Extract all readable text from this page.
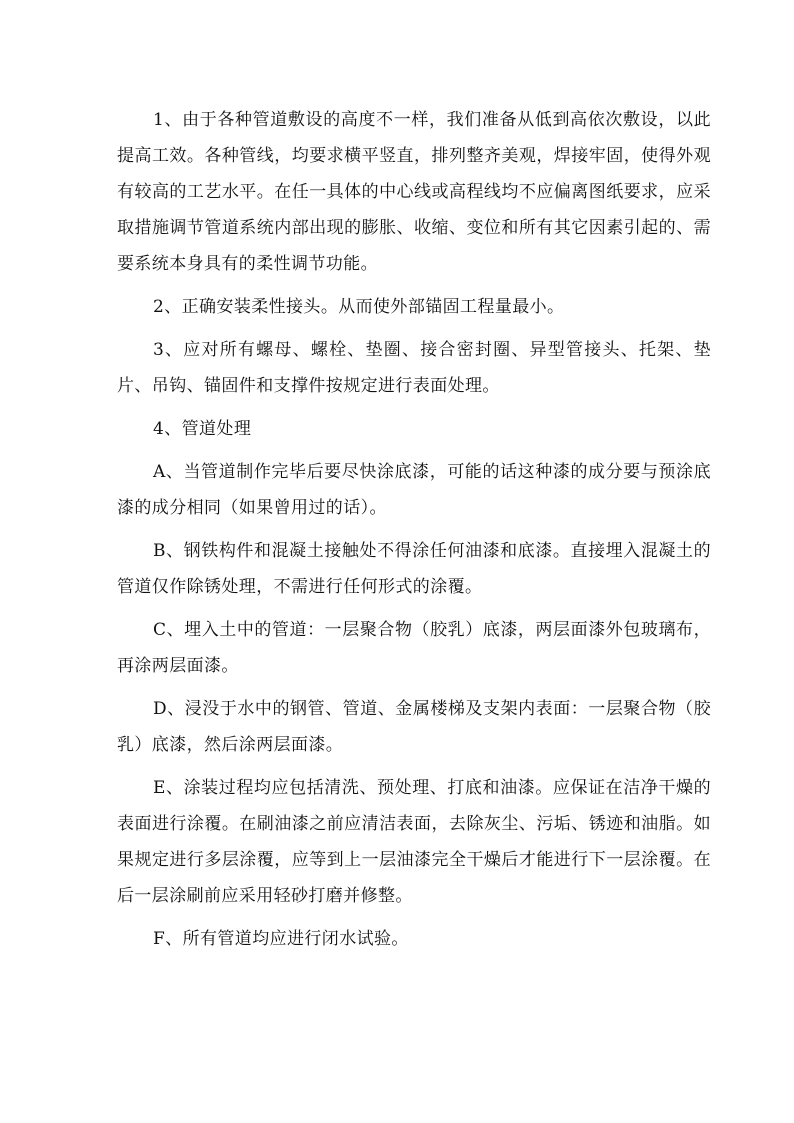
1、由于各种管道敷设的高度不一样，我们准备从低到高依次敷设，以此提高工效。各种管线，均要求横平竖直，排列整齐美观，焊接牢固，使得外观有较高的工艺水平。在任一具体的中心线或高程线均不应偏离图纸要求，应采取措施调节管道系统内部出现的膨胀、收缩、变位和所有其它因素引起的、需要系统本身具有的柔性调节功能。

2、正确安装柔性接头。从而使外部锚固工程量最小。

3、应对所有螺母、螺栓、垫圈、接合密封圈、异型管接头、托架、垫片、吊钩、锚固件和支撑件按规定进行表面处理。

4、管道处理

A、当管道制作完毕后要尽快涂底漆，可能的话这种漆的成分要与预涂底漆的成分相同（如果曾用过的话）。

B、钢铁构件和混凝土接触处不得涂任何油漆和底漆。直接埋入混凝土的管道仅作除锈处理，不需进行任何形式的涂覆。

C、埋入土中的管道：一层聚合物（胶乳）底漆，两层面漆外包玻璃布，再涂两层面漆。

D、浸没于水中的钢管、管道、金属楼梯及支架内表面：一层聚合物（胶乳）底漆，然后涂两层面漆。

E、涂装过程均应包括清洗、预处理、打底和油漆。应保证在洁净干燥的表面进行涂覆。在刷油漆之前应清洁表面，去除灰尘、污垢、锈迹和油脂。如果规定进行多层涂覆，应等到上一层油漆完全干燥后才能进行下一层涂覆。在后一层涂刷前应采用轻砂打磨并修整。

F、所有管道均应进行闭水试验。
